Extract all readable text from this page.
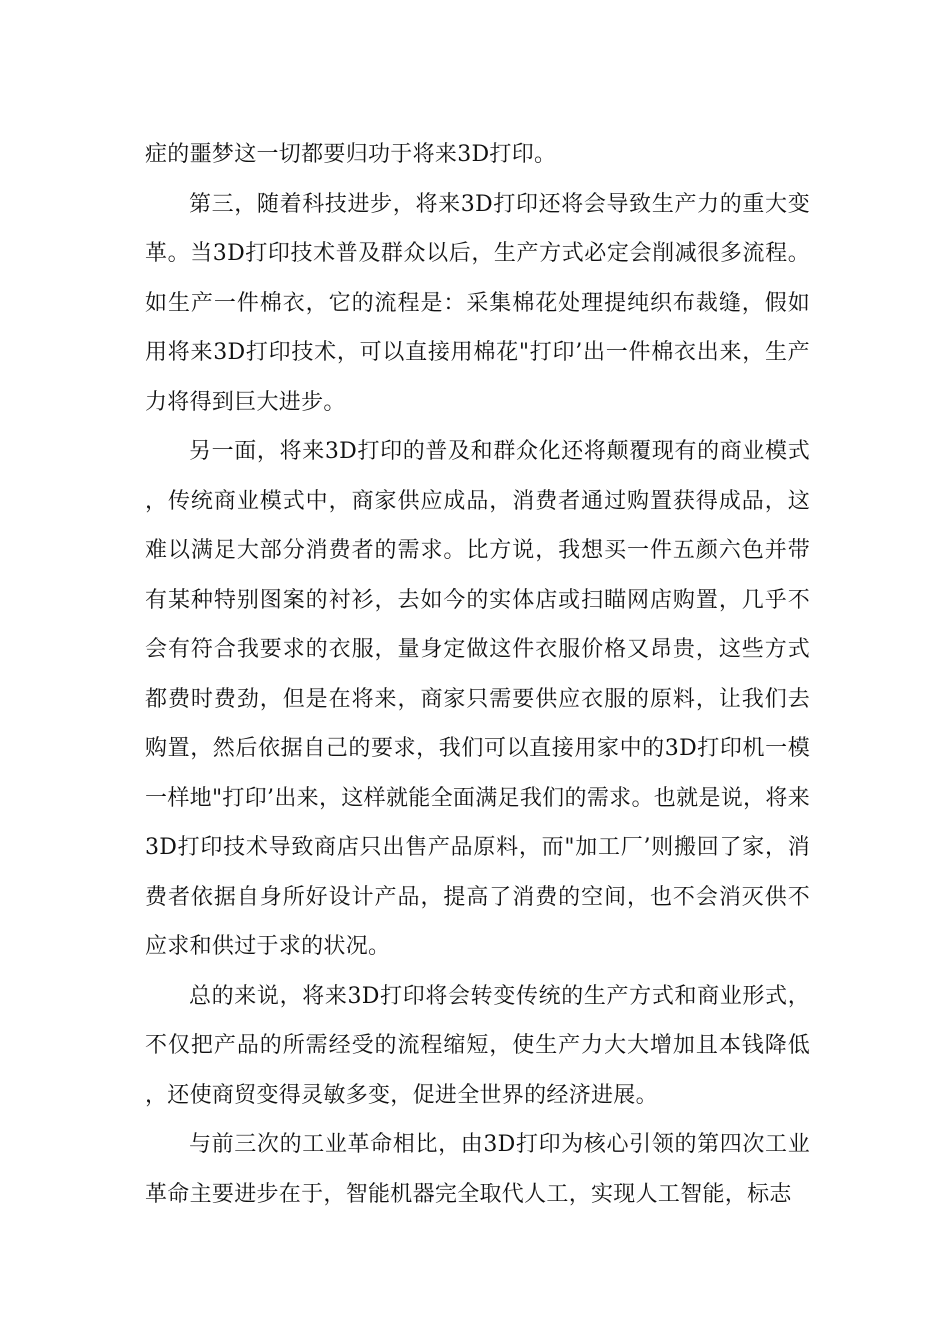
症的噩梦这一切都要归功于将来3D打印。

第三，随着科技进步，将来3D打印还将会导致生产力的重大变革。当3D打印技术普及群众以后，生产方式必定会削减很多流程。如生产一件棉衣，它的流程是：采集棉花处理提纯织布裁缝，假如用将来3D打印技术，可以直接用棉花"打印’出一件棉衣出来，生产力将得到巨大进步。

另一面，将来3D打印的普及和群众化还将颠覆现有的商业模式，传统商业模式中，商家供应成品，消费者通过购置获得成品，这难以满足大部分消费者的需求。比方说，我想买一件五颜六色并带有某种特别图案的衬衫，去如今的实体店或扫瞄网店购置，几乎不会有符合我要求的衣服，量身定做这件衣服价格又昂贵，这些方式都费时费劲，但是在将来，商家只需要供应衣服的原料，让我们去购置，然后依据自己的要求，我们可以直接用家中的3D打印机一模一样地"打印’出来，这样就能全面满足我们的需求。也就是说，将来3D打印技术导致商店只出售产品原料，而"加工厂’则搬回了家，消费者依据自身所好设计产品，提高了消费的空间，也不会消灭供不应求和供过于求的状况。

总的来说，将来3D打印将会转变传统的生产方式和商业形式，不仅把产品的所需经受的流程缩短，使生产力大大增加且本钱降低，还使商贸变得灵敏多变，促进全世界的经济进展。

与前三次的工业革命相比，由3D打印为核心引领的第四次工业革命主要进步在于，智能机器完全取代人工，实现人工智能，标志
